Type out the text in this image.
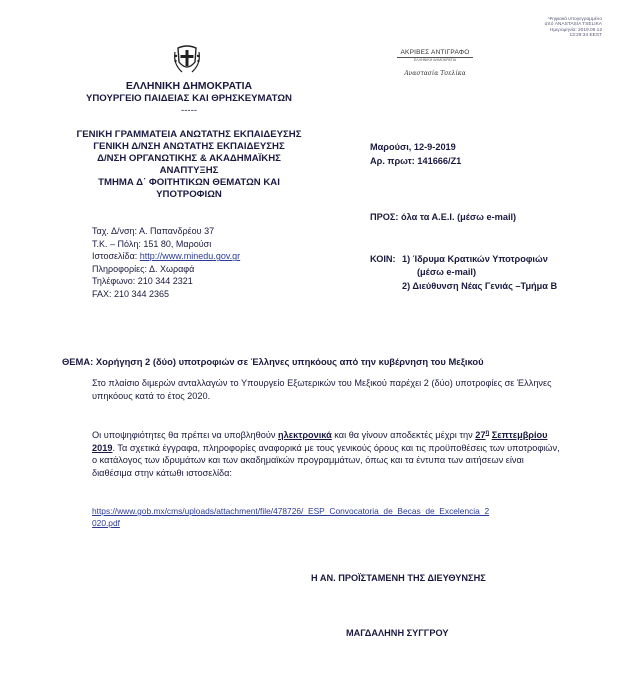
ΕΛΛΗΝΙΚΗ ΔΗΜΟΚΡΑΤΙΑ
ΥΠΟΥΡΓΕΙΟ ΠΑΙΔΕΙΑΣ ΚΑΙ ΘΡΗΣΚΕΥΜΑΤΩΝ
-----
ΓΕΝΙΚΗ ΓΡΑΜΜΑΤΕΙΑ ΑΝΩΤΑΤΗΣ ΕΚΠΑΙΔΕΥΣΗΣ
ΓΕΝΙΚΗ Δ/ΝΣΗ ΑΝΩΤΑΤΗΣ ΕΚΠΑΙΔΕΥΣΗΣ
Δ/ΝΣΗ ΟΡΓΑΝΩΤΙΚΗΣ & ΑΚΑΔΗΜΑΪΚΗΣ
ΑΝΑΠΤΥΞΗΣ
ΤΜΗΜΑ Δ΄ ΦΟΙΤΗΤΙΚΩΝ ΘΕΜΑΤΩΝ ΚΑΙ
ΥΠΟΤΡΟΦΙΩΝ
Ταχ. Δ/νση: Α. Παπανδρέου 37
Τ.Κ. – Πόλη: 151 80, Μαρούσι
Ιστοσελίδα: http://www.minedu.gov.gr
Πληροφορίες: Δ. Χωραφά
Τηλέφωνο: 210 344 2321
FAX: 210 344 2365
Ψηφιακά υπογεγραμμένο
από ANASTASIA TSELIKA
Ημερομηνία: 2019.09.12
13:29:34 EEST
ΑΚΡΙΒΕΣ ΑΝΤΙΓΡΑΦΟ
ΕΛΛΗΝΙΚΗ ΔΗΜΟΚΡΑΤΙΑ
Αναστασία Τσελίκα
Μαρούσι, 12-9-2019
Αρ. πρωτ: 141666/Ζ1
ΠΡΟΣ: όλα τα Α.Ε.Ι. (μέσω e-mail)
ΚΟΙΝ: 1) Ίδρυμα Κρατικών Υποτροφιών
(μέσω e-mail)
2) Διεύθυνση Νέας Γενιάς –Τμήμα Β
ΘΕΜΑ: Χορήγηση 2 (δύο) υποτροφιών σε Έλληνες υπηκόους από την κυβέρνηση του Μεξικού

Στο πλαίσιο διμερών ανταλλαγών το Υπουργείο Εξωτερικών του Μεξικού παρέχει 2 (δύο) υποτροφίες σε Έλληνες υπηκόους κατά το έτος 2020.

Οι υποψηφιότητες θα πρέπει να υποβληθούν ηλεκτρονικά και θα γίνουν αποδεκτές μέχρι την $27^\eta$ Σεπτεμβρίου 2019. Τα σχετικά έγγραφα, πληροφορίες αναφορικά με τους γενικούς όρους και τις προϋποθέσεις των υποτροφιών, ο κατάλογος των ιδρυμάτων και των ακαδημαϊκών προγραμμάτων, όπως και τα έντυπα των αιτήσεων είναι διαθέσιμα στην κάτωθι ιστοσελίδα:

https://www.gob.mx/cms/uploads/attachment/file/478726/_ESP_Convocatoria_de_Becas_de_Excelencia_2
020.pdf
Η ΑΝ. ΠΡΟΪΣΤΑΜΕΝΗ ΤΗΣ ΔΙΕΥΘΥΝΣΗΣ
ΜΑΓΔΑΛΗΝΗ ΣΥΓΓΡΟΥ
